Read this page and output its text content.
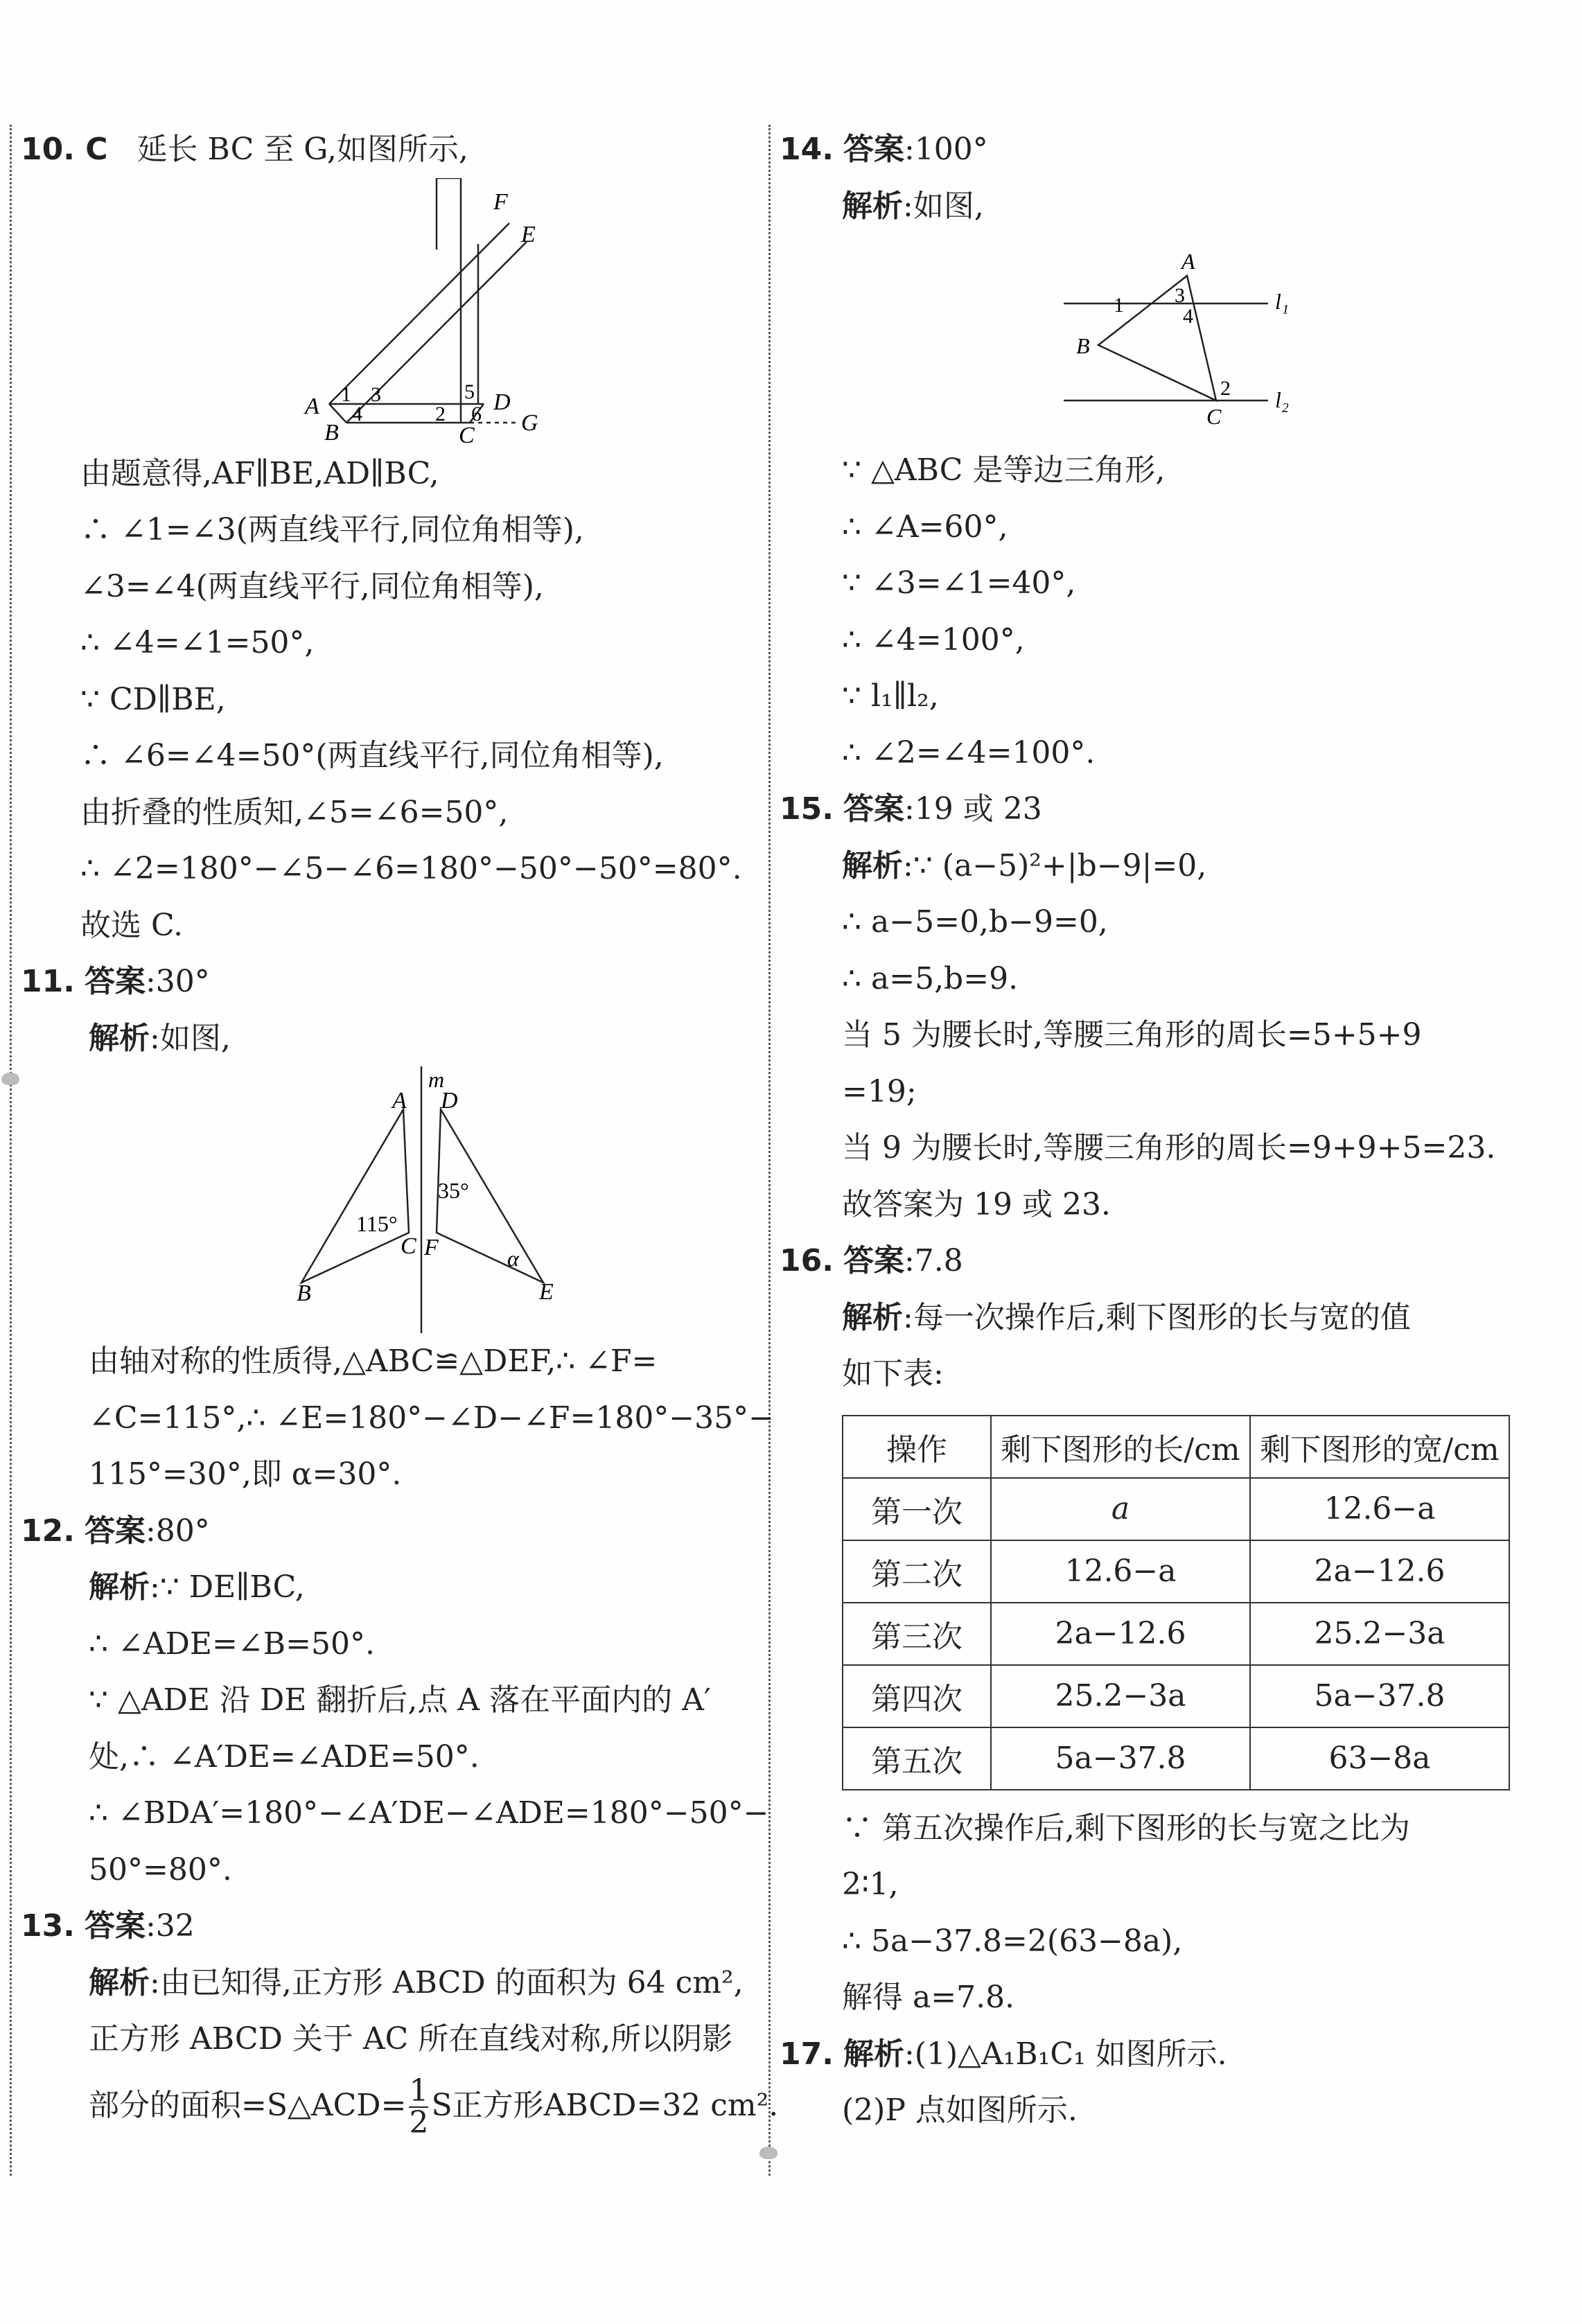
10. C 延长 BC 至 G,如图所示,
F
E
A
B	C
D
G
1 3
4	2
5
6
由题意得,AF∥BE,AD∥BC,
∴ ∠1=∠3(两直线平行,同位角相等),
∠3=∠4(两直线平行,同位角相等),
∴ ∠4=∠1=50°,
∵ CD∥BE,
∴ ∠6=∠4=50°(两直线平行,同位角相等),
由折叠的性质知,∠5=∠6=50°,
∴ ∠2=180°−∠5−∠6=180°−50°−50°=80°.
故选 C.
11. 答案:30°
解析:如图,
m
A D
B
C F
E
115°
35°
α
由轴对称的性质得,△ABC≌△DEF,∴ ∠F=
∠C=115°,∴ ∠E=180°−∠D−∠F=180°−35°−
115°=30°,即 α=30°.
12. 答案:80°
解析:∵ DE∥BC,
∴ ∠ADE=∠B=50°.
∵ △ADE 沿 DE 翻折后,点 A 落在平面内的 A′
处,∴ ∠A′DE=∠ADE=50°.
∴ ∠BDA′=180°−∠A′DE−∠ADE=180°−50°−
50°=80°.
13. 答案:32
解析:由已知得,正方形 ABCD 的面积为 64 cm²,
正方形 ABCD 关于 AC 所在直线对称,所以阴影
部分的面积=S△ACD= $\frac{1}{2}$ S正方形ABCD=32 cm².
14. 答案:100°
解析:如图,
A
B
C
1 3
4
2
l₁
l₂
∵ △ABC 是等边三角形,
∴ ∠A=60°,
∵ ∠3=∠1=40°,
∴ ∠4=100°,
∵ l₁∥l₂,
∴ ∠2=∠4=100°.
15. 答案:19 或 23
解析:∵ (a−5)²+|b−9|=0,
∴ a−5=0,b−9=0,
∴ a=5,b=9.
当 5 为腰长时,等腰三角形的周长=5+5+9
=19;
当 9 为腰长时,等腰三角形的周长=9+9+5=23.
故答案为 19 或 23.
16. 答案:7.8
解析:每一次操作后,剩下图形的长与宽的值
如下表:
操作	剩下图形的长/cm	剩下图形的宽/cm
第一次	a	12.6−a
第二次	12.6−a	2a−12.6
第三次	2a−12.6	25.2−3a
第四次	25.2−3a	5a−37.8
第五次	5a−37.8	63−8a
∵ 第五次操作后,剩下图形的长与宽之比为
2∶1,
∴ 5a−37.8=2(63−8a),
解得 a=7.8.
17. 解析:(1)△A₁B₁C₁ 如图所示.
(2)P 点如图所示.
